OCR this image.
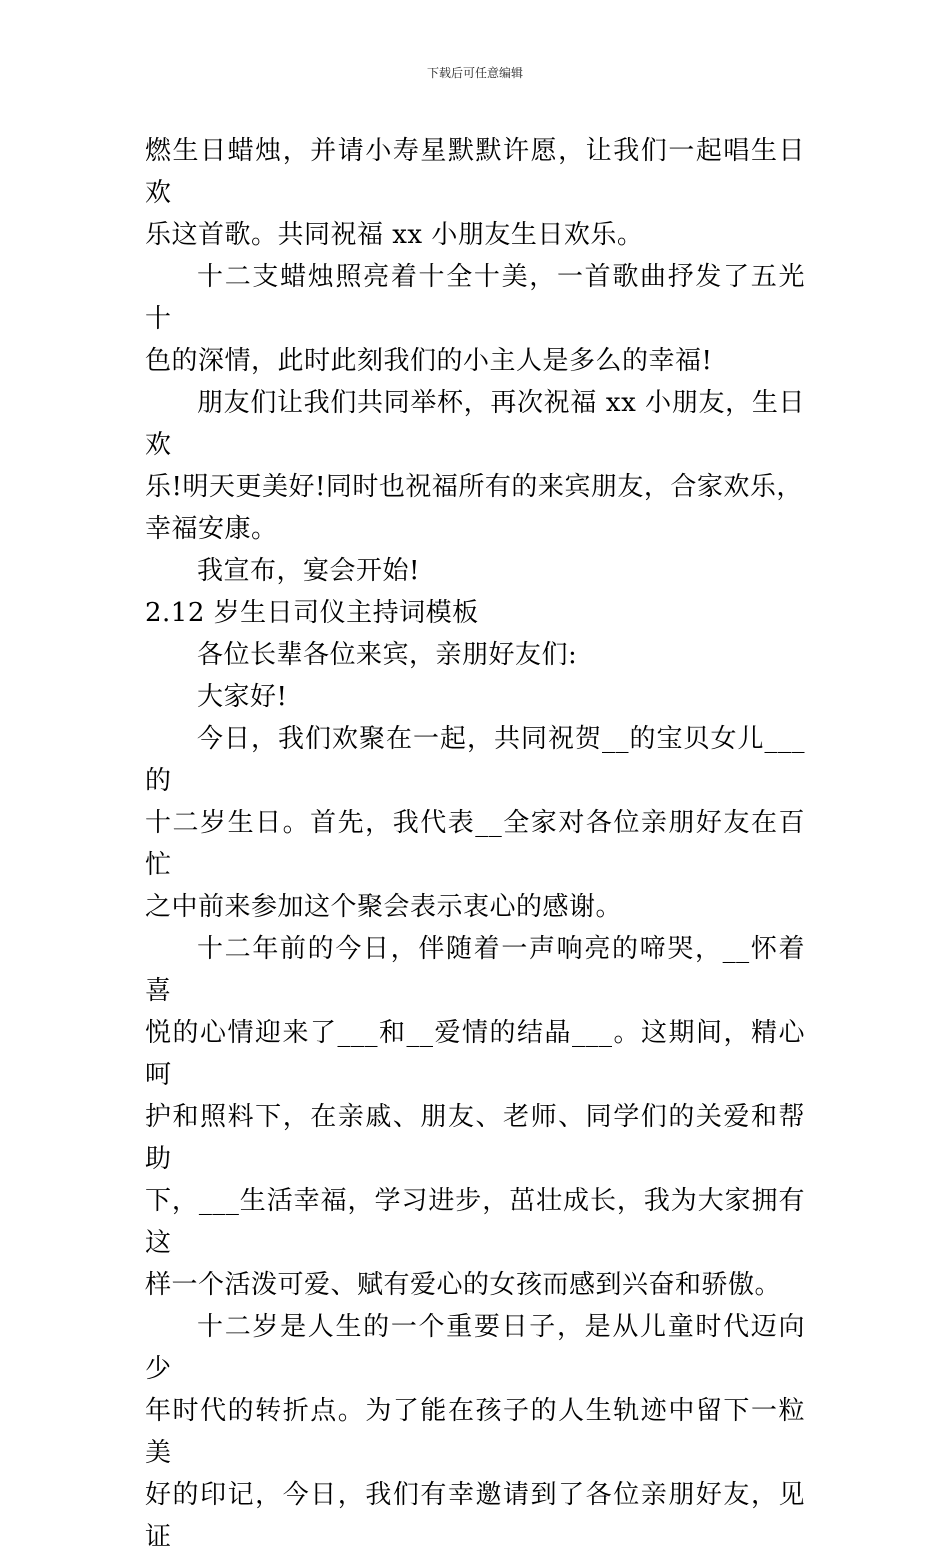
下载后可任意编辑

燃生日蜡烛，并请小寿星默默许愿，让我们一起唱生日欢
乐这首歌。共同祝福 xx 小朋友生日欢乐。

十二支蜡烛照亮着十全十美，一首歌曲抒发了五光十
色的深情，此时此刻我们的小主人是多么的幸福!

朋友们让我们共同举杯，再次祝福 xx 小朋友，生日欢
乐!明天更美好!同时也祝福所有的来宾朋友，合家欢乐，
幸福安康。

我宣布，宴会开始!

2.12 岁生日司仪主持词模板

各位长辈各位来宾，亲朋好友们:

大家好!

今日，我们欢聚在一起，共同祝贺__的宝贝女儿___的
十二岁生日。首先，我代表__全家对各位亲朋好友在百忙
之中前来参加这个聚会表示衷心的感谢。

十二年前的今日，伴随着一声响亮的啼哭，__怀着喜
悦的心情迎来了___和__爱情的结晶___。这期间，精心呵
护和照料下，在亲戚、朋友、老师、同学们的关爱和帮助
下，___生活幸福，学习进步，茁壮成长，我为大家拥有这
样一个活泼可爱、赋有爱心的女孩而感到兴奋和骄傲。

十二岁是人生的一个重要日子，是从儿童时代迈向少
年时代的转折点。为了能在孩子的人生轨迹中留下一粒美
好的印记，今日，我们有幸邀请到了各位亲朋好友，见证
